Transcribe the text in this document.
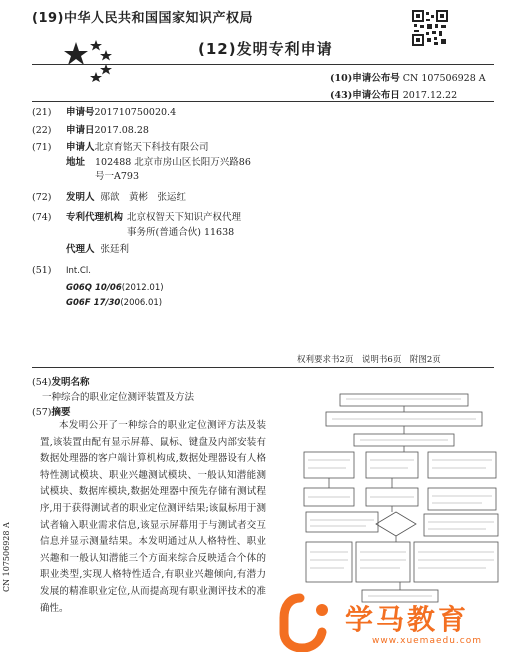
(19)中华人民共和国国家知识产权局
(12)发明专利申请
(10)申请公布号 CN 107506928 A
(43)申请公布日 2017.12.22
(21)	申请号 201710750020.4
(22)	申请日 2017.08.28
(71)	申请人 北京育铭天下科技有限公司
地址 102488 北京市房山区长阳万兴路86
号一A793
(72)	发明人 郧歆　黄彬　张运红
(74)	专利代理机构 北京权智天下知识产权代理
事务所(普通合伙) 11638
代理人 张廷利
(51)	Int.Cl.
G06Q 10/06(2012.01)
G06F 17/30(2006.01)
权利要求书2页　说明书6页　附图2页
(54)发明名称
一种综合的职业定位测评装置及方法
(57)摘要
本发明公开了一种综合的职业定位测评方法及装置,该装置由配有显示屏幕、鼠标、键盘及内部安装有数据处理器的客户端计算机构成,数据处理器设有人格特性测试模块、职业兴趣测试模块、一般认知潜能测试模块、数据库模块,数据处理器中预先存储有测试程序,用于获得测试者的职业定位测评结果;该鼠标用于测试者输入职业需求信息,该显示屏幕用于与测试者交互信息并显示测量结果。本发明通过从人格特性、职业兴趣和一般认知潜能三个方面来综合反映适合个体的职业类型,实现人格特性适合,有职业兴趣倾向,有潜力发展的精准职业定位,从而提高现有职业测评技术的准确性。
CN 107506928 A
学马教育
www.xuemaedu.com
